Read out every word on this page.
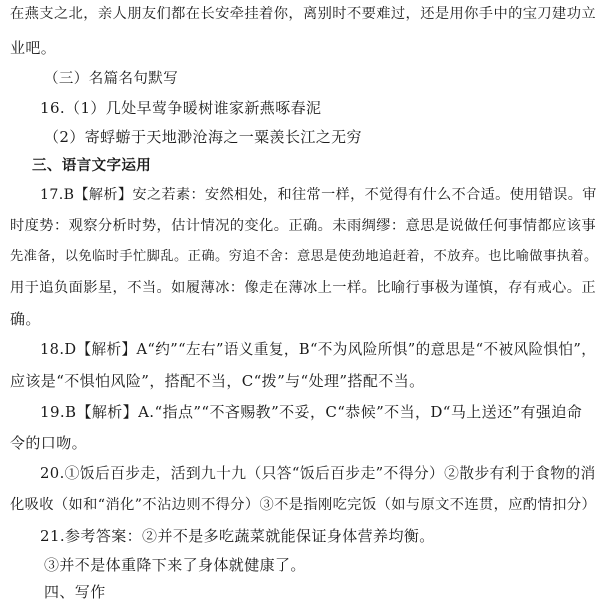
在燕支之北，亲人朋友们都在长安牵挂着你，离别时不要难过，还是用你手中的宝刀建功立
业吧。
（三）名篇名句默写
16.（1）几处早莺争暖树谁家新燕啄春泥
（2）寄蜉蝣于天地渺沧海之一粟羡长江之无穷
三、语言文字运用
17.B【解析】安之若素：安然相处，和往常一样，不觉得有什么不合适。使用错误。审
时度势：观察分析时势，估计情况的变化。正确。未雨绸缪：意思是说做任何事情都应该事
先准备，以免临时手忙脚乱。正确。穷追不舍：意思是使劲地追赶着，不放弃。也比喻做事执着。
用于追负面影星，不当。如履薄冰：像走在薄冰上一样。比喻行事极为谨慎，存有戒心。正
确。
18.D【解析】A“约”“左右”语义重复，B“不为风险所惧”的意思是“不被风险惧怕”，
应该是“不惧怕风险”，搭配不当，C“拨”与“处理”搭配不当。
19.B【解析】A.“指点”“不吝赐教”不妥，C“恭候”不当，D“马上送还”有强迫命
令的口吻。
20.①饭后百步走，活到九十九（只答“饭后百步走”不得分）②散步有利于食物的消
化吸收（如和“消化”不沾边则不得分）③不是指刚吃完饭（如与原文不连贯，应酌情扣分）
21.参考答案：②并不是多吃蔬菜就能保证身体营养均衡。
③并不是体重降下来了身体就健康了。
四、写作
